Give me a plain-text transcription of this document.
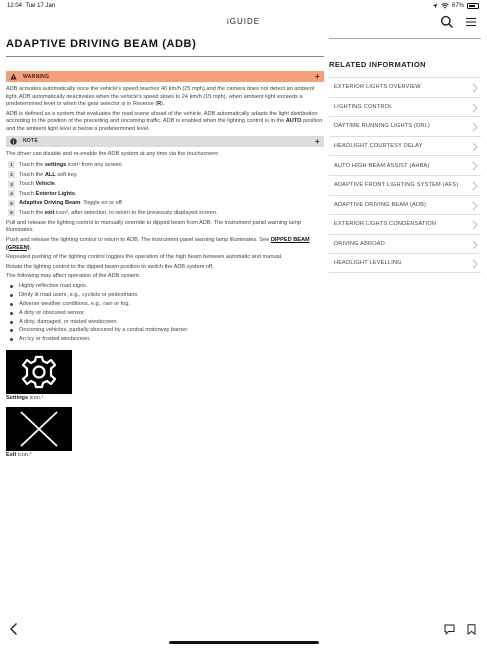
12:04 Tue 17 Jan	67%
iGUIDE
ADAPTIVE DRIVING BEAM (ADB)
WARNING	+

ADB activates automatically once the vehicle's speed reaches 40 km/h (25 mph) and the camera does not detect an ambient light. ADB automatically deactivates when the vehicle's speed slows to 24 km/h (15 mph), when ambient light exceeds a predetermined level or when the gear selector is in Reverse (R).

ADB is defined as a system that evaluates the road scene ahead of the vehicle. ADB automatically adapts the light distribution according to the position of the preceding and oncoming traffic. ADB is enabled when the lighting control is in the AUTO position and the ambient light level is below a predetermined level.

NOTE	+

The driver can disable and re-enable the ADB system at any time via the touchscreen:

1	Touch the settings icon¹ from any screen.
2	Touch the ALL soft key.
3	Touch Vehicle.
4	Touch Exterior Lights.
5	Adaptive Driving Beam: Toggle on or off.
6	Touch the exit icon², after selection, to return to the previously displayed screen.

Pull and release the lighting control to manually override to dipped beam from ADB. The instrument panel warning lamp illuminates.

Push and release the lighting control to return to ADB. The instrument panel warning lamp illuminates. See DIPPED BEAM (GREEN).

Repeated pushing of the lighting control toggles the operation of the high beam between automatic and manual.

Rotate the lighting control to the dipped beam position to switch the ADB system off.

The following may affect operation of the ADB system:

Highly reflective road signs.
Dimly lit road users, e.g., cyclists or pedestrians.
Adverse weather conditions, e.g., rain or fog.
A dirty or obscured sensor.
A dirty, damaged, or misted windscreen.
Oncoming vehicles, partially obscured by a central motorway barrier.
An icy or frosted windscreen.
Settings icon.¹
Exit icon.²
RELATED INFORMATION
EXTERIOR LIGHTS OVERVIEW
LIGHTING CONTROL
DAYTIME RUNNING LIGHTS (DRL)
HEADLIGHT COURTESY DELAY
AUTO HIGH BEAM ASSIST (AHBA)
ADAPTIVE FRONT LIGHTING SYSTEM (AFS)
ADAPTIVE DRIVING BEAM (ADB)
EXTERIOR LIGHTS CONDENSATION
DRIVING ABROAD
HEADLIGHT LEVELLING
